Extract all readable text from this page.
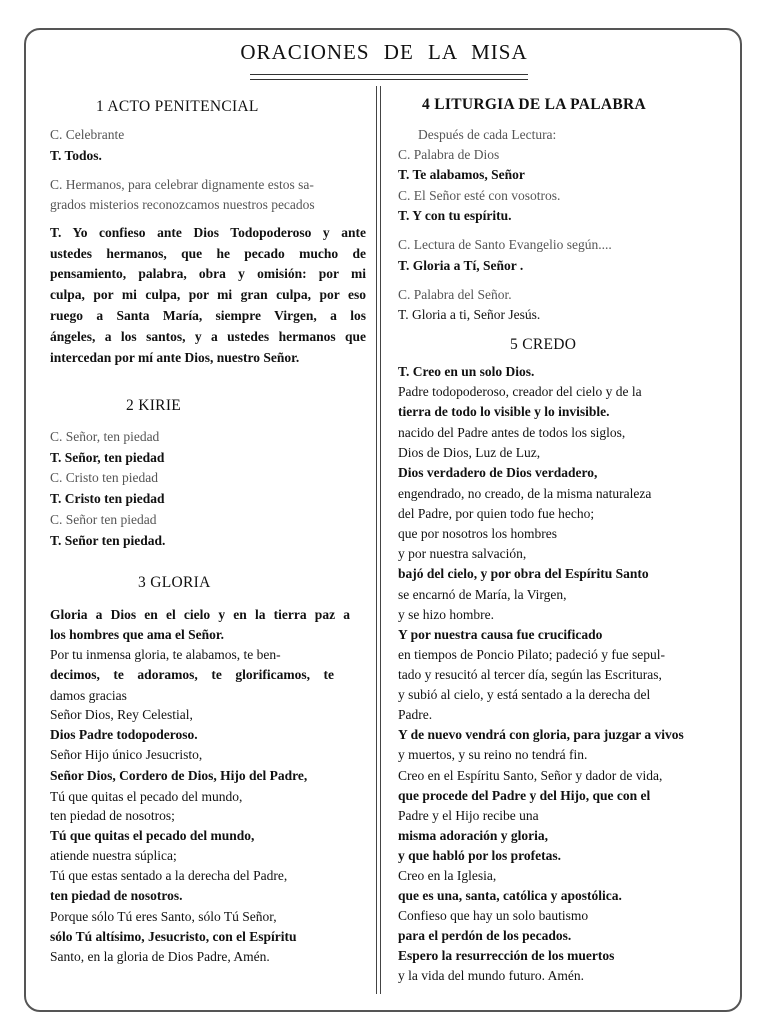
ORACIONES DE LA MISA
1 ACTO PENITENCIAL
C. Celebrante
T. Todos.
C. Hermanos, para celebrar dignamente estos sa-
grados misterios reconozcamos nuestros pecados
T. Yo confieso ante Dios Todopoderoso y ante
ustedes hermanos, que he pecado mucho de
pensamiento, palabra, obra y omisión: por mi
culpa, por mi culpa, por mi gran culpa, por eso
ruego a Santa María, siempre Virgen, a los
ángeles, a los santos, y a ustedes hermanos que
intercedan por mí ante Dios, nuestro Señor.
2 KIRIE
C. Señor, ten piedad
T. Señor, ten piedad
C. Cristo ten piedad
T. Cristo ten piedad
C. Señor ten piedad
T. Señor ten piedad.
3 GLORIA
Gloria a Dios en el cielo y en la tierra paz a
los hombres que ama el Señor.
Por tu inmensa gloria, te alabamos, te ben-
decimos, te adoramos, te glorificamos, te
damos gracias
Señor Dios, Rey Celestial,
Dios Padre todopoderoso.
Señor Hijo único Jesucristo,
Señor Dios, Cordero de Dios, Hijo del Padre,
Tú que quitas el pecado del mundo,
ten piedad de nosotros;
Tú que quitas el pecado del mundo,
atiende nuestra súplica;
Tú que estas sentado a la derecha del Padre,
ten piedad de nosotros.
Porque sólo Tú eres Santo, sólo Tú Señor,
sólo Tú altísimo, Jesucristo, con el Espíritu
Santo, en la gloria de Dios Padre, Amén.
4 LITURGIA DE LA PALABRA
Después de cada Lectura:
C. Palabra de Dios
T. Te alabamos, Señor
C. El Señor esté con vosotros.
T. Y con tu espíritu.
C. Lectura de Santo Evangelio según....
T. Gloria a Tí, Señor .
C. Palabra del Señor.
T. Gloria a ti, Señor Jesús.
5 CREDO
T. Creo en un solo Dios.
Padre todopoderoso, creador del cielo y de la
tierra de todo lo visible y lo invisible.
nacido del Padre antes de todos los siglos,
Dios de Dios, Luz de Luz,
Dios verdadero de Dios verdadero,
engendrado, no creado, de la misma naturaleza
del Padre, por quien todo fue hecho;
que por nosotros los hombres
y por nuestra salvación,
bajó del cielo, y por obra del Espíritu Santo
se encarnó de María, la Virgen,
y se hizo hombre.
Y por nuestra causa fue crucificado
en tiempos de Poncio Pilato; padeció y fue sepul-
tado y resucitó al tercer día, según las Escrituras,
y subió al cielo, y está sentado a la derecha del
Padre.
Y de nuevo vendrá con gloria, para juzgar a vivos
y muertos, y su reino no tendrá fin.
Creo en el Espíritu Santo, Señor y dador de vida,
que procede del Padre y del Hijo, que con el
Padre y el Hijo recibe una
misma adoración y gloria,
y que habló por los profetas.
Creo en la Iglesia,
que es una, santa, católica y apostólica.
Confieso que hay un solo bautismo
para el perdón de los pecados.
Espero la resurrección de los muertos
y la vida del mundo futuro. Amén.
